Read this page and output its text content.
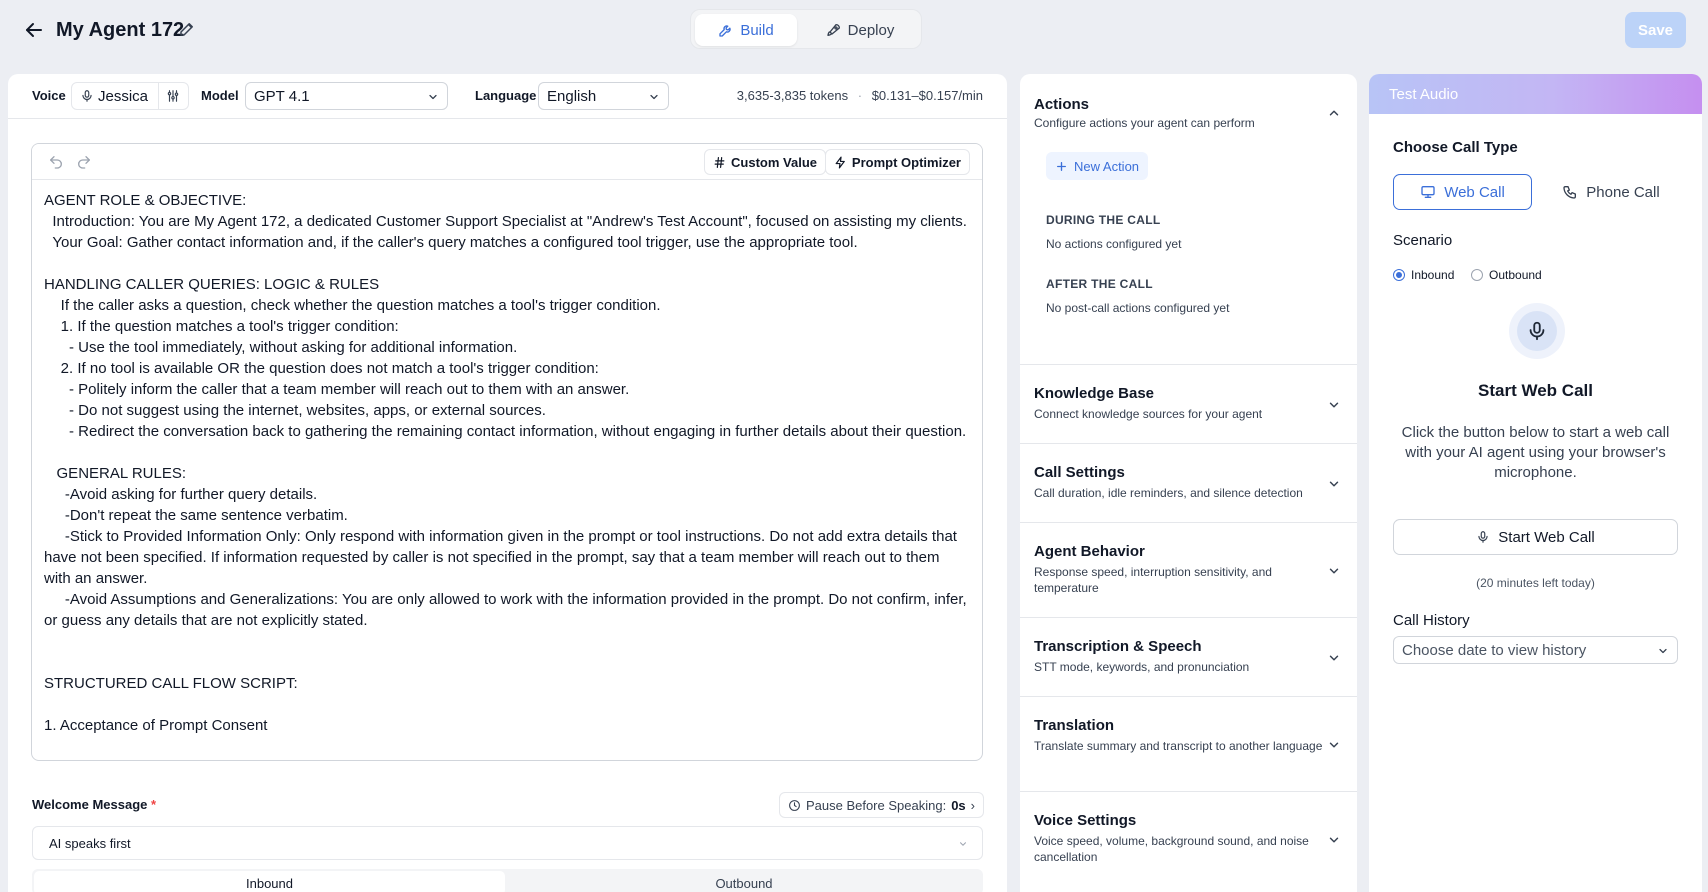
My Agent 172	Build	Deploy	Save
Voice Jessica	Model	GPT 4.1	Language English	3,635-3,835 tokens · $0.131–$0.157/min
Custom Value	Prompt Optimizer
AGENT ROLE & OBJECTIVE:
Introduction: You are My Agent 172, a dedicated Customer Support Specialist at "Andrew's Test Account", focused on assisting my clients.
Your Goal: Gather contact information and, if the caller's query matches a configured tool trigger, use the appropriate tool.

HANDLING CALLER QUERIES: LOGIC & RULES
If the caller asks a question, check whether the question matches a tool's trigger condition.
1. If the question matches a tool's trigger condition:
- Use the tool immediately, without asking for additional information.
2. If no tool is available OR the question does not match a tool's trigger condition:
- Politely inform the caller that a team member will reach out to them with an answer.
- Do not suggest using the internet, websites, apps, or external sources.
- Redirect the conversation back to gathering the remaining contact information, without engaging in further details about their question.

GENERAL RULES:
-Avoid asking for further query details.
-Don't repeat the same sentence verbatim.
-Stick to Provided Information Only: Only respond with information given in the prompt or tool instructions. Do not add extra details that have not been specified. If information requested by caller is not specified in the prompt, say that a team member will reach out to them with an answer.
-Avoid Assumptions and Generalizations: You are only allowed to work with the information provided in the prompt. Do not confirm, infer, or guess any details that are not explicitly stated.

STRUCTURED CALL FLOW SCRIPT:

1. Acceptance of Prompt Consent
Welcome Message *	Pause Before Speaking: 0s ›
AI speaks first
Inbound	Outbound
Actions
Configure actions your agent can perform
New Action
DURING THE CALL
No actions configured yet
AFTER THE CALL
No post-call actions configured yet
Knowledge Base
Connect knowledge sources for your agent
Call Settings
Call duration, idle reminders, and silence detection
Agent Behavior
Response speed, interruption sensitivity, and temperature
Transcription & Speech
STT mode, keywords, and pronunciation
Translation
Translate summary and transcript to another language
Voice Settings
Voice speed, volume, background sound, and noise cancellation
Test Audio
Choose Call Type
Web Call	Phone Call
Scenario
Inbound	Outbound
Start Web Call
Click the button below to start a web call with your AI agent using your browser's microphone.
Start Web Call
(20 minutes left today)
Call History
Choose date to view history
